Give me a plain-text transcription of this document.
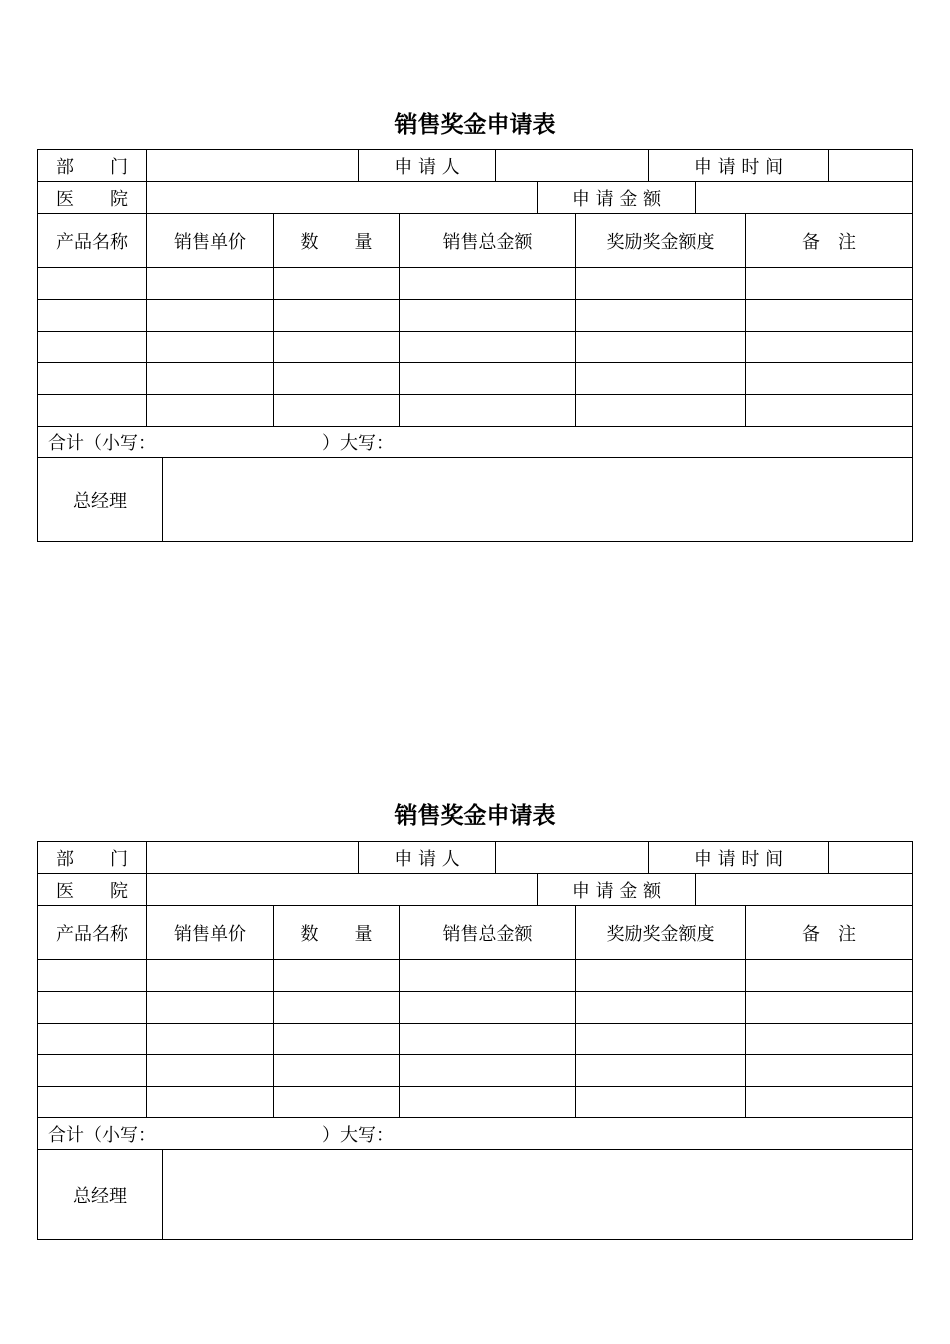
销售奖金申请表
部　　门	申 请 人	申 请 时 间
医　　院	申 请 金 额
产品名称	销售单价	数　　量	销售总金额	奖励奖金额度	备　注
合计（小写：	）大写：
总经理
销售奖金申请表
部　　门	申 请 人	申 请 时 间
医　　院	申 请 金 额
产品名称	销售单价	数　　量	销售总金额	奖励奖金额度	备　注
合计（小写：	）大写：
总经理
